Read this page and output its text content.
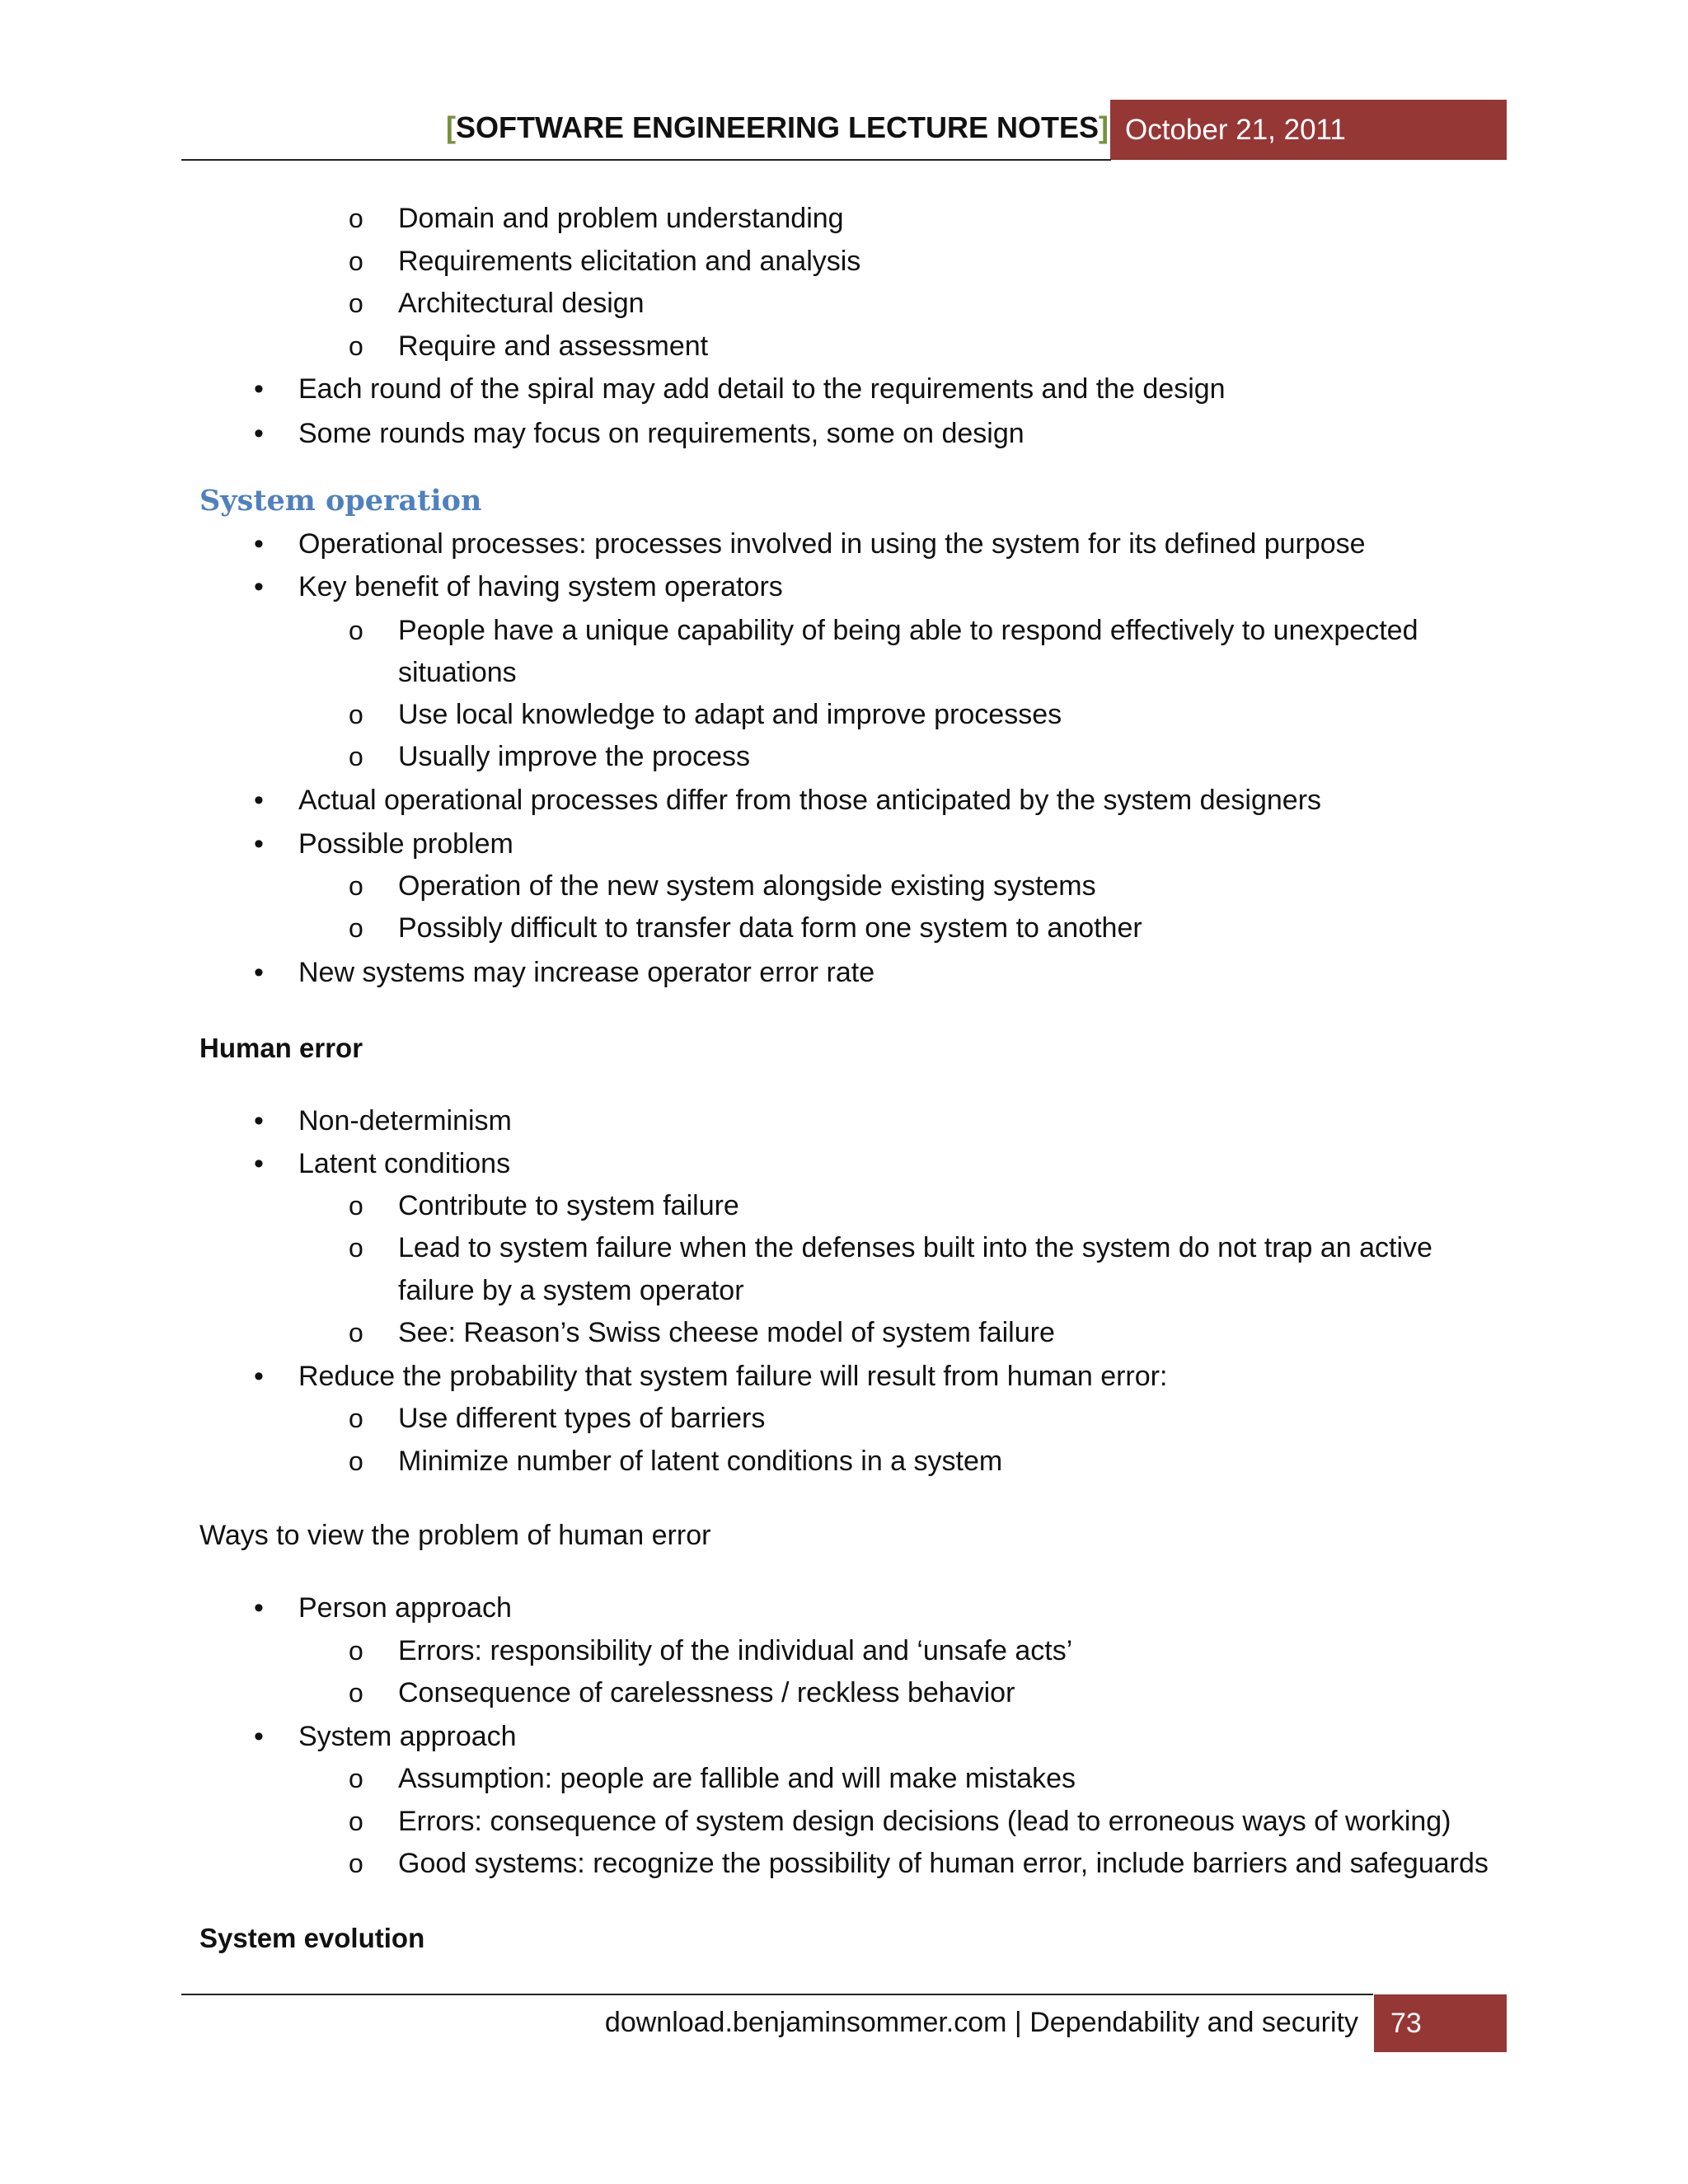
[SOFTWARE ENGINEERING LECTURE NOTES] October 21, 2011
o Domain and problem understanding
o Requirements elicitation and analysis
o Architectural design
o Require and assessment
• Each round of the spiral may add detail to the requirements and the design
• Some rounds may focus on requirements, some on design
System operation
• Operational processes: processes involved in using the system for its defined purpose
• Key benefit of having system operators
o People have a unique capability of being able to respond effectively to unexpected
situations
o Use local knowledge to adapt and improve processes
o Usually improve the process
• Actual operational processes differ from those anticipated by the system designers
• Possible problem
o Operation of the new system alongside existing systems
o Possibly difficult to transfer data form one system to another
• New systems may increase operator error rate
Human error
• Non-determinism
• Latent conditions
o Contribute to system failure
o Lead to system failure when the defenses built into the system do not trap an active
failure by a system operator
o See: Reason’s Swiss cheese model of system failure
• Reduce the probability that system failure will result from human error:
o Use different types of barriers
o Minimize number of latent conditions in a system
Ways to view the problem of human error
• Person approach
o Errors: responsibility of the individual and ‘unsafe acts’
o Consequence of carelessness / reckless behavior
• System approach
o Assumption: people are fallible and will make mistakes
o Errors: consequence of system design decisions (lead to erroneous ways of working)
o Good systems: recognize the possibility of human error, include barriers and safeguards
System evolution
download.benjaminsommer.com | Dependability and security	73
